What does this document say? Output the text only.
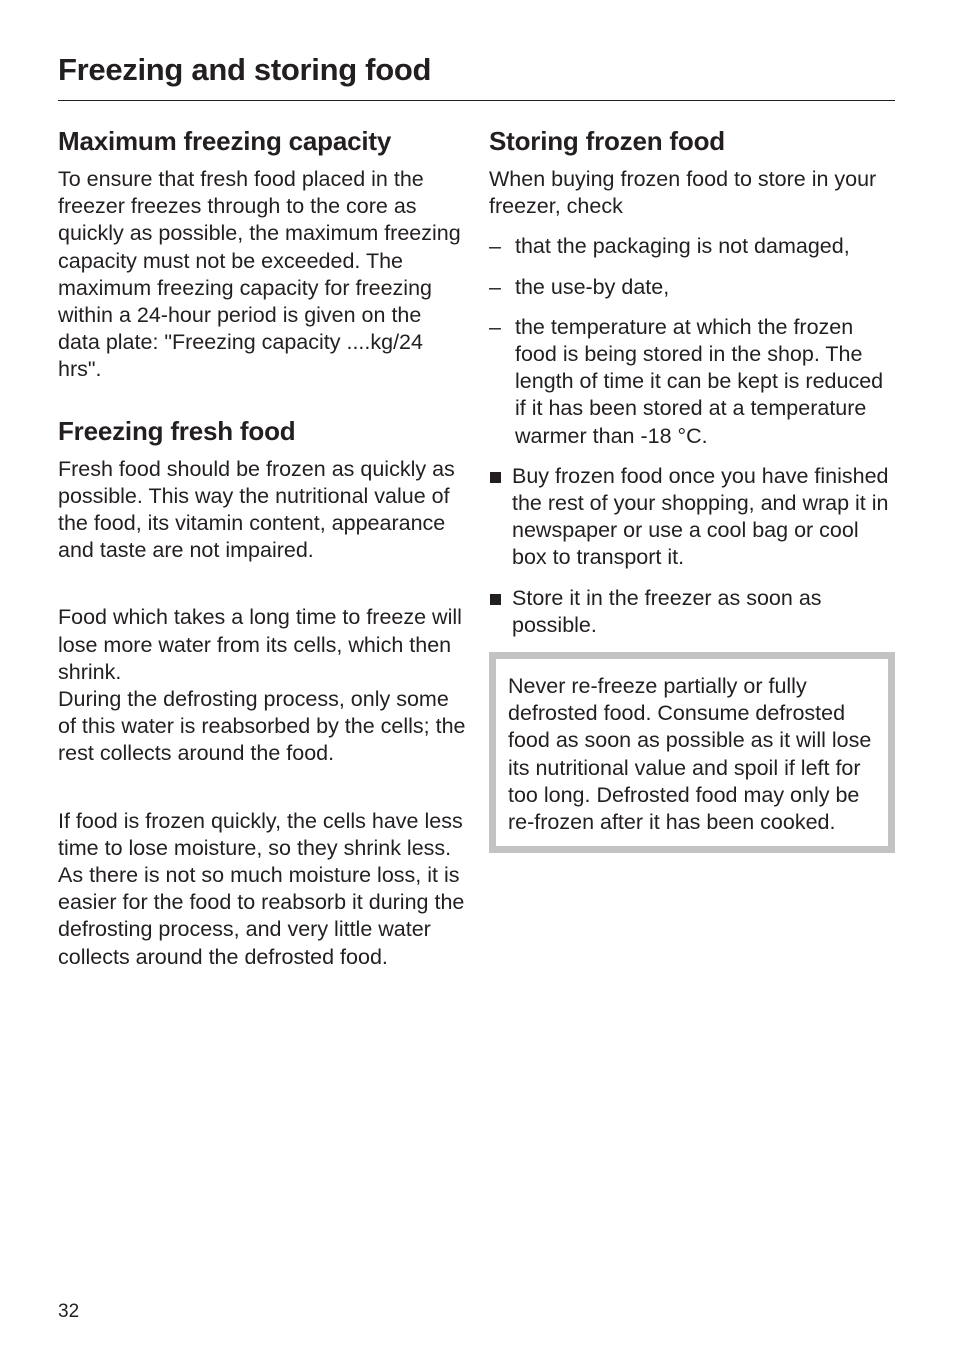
Freezing and storing food
Maximum freezing capacity

To ensure that fresh food placed in the freezer freezes through to the core as quickly as possible, the maximum freezing capacity must not be exceeded. The maximum freezing capacity for freezing within a 24-hour period is given on the data plate: "Freezing capacity ....kg/24 hrs".

Freezing fresh food

Fresh food should be frozen as quickly as possible. This way the nutritional value of the food, its vitamin content, appearance and taste are not impaired.

Food which takes a long time to freeze will lose more water from its cells, which then shrink.

During the defrosting process, only some of this water is reabsorbed by the cells; the rest collects around the food.

If food is frozen quickly, the cells have less time to lose moisture, so they shrink less. As there is not so much moisture loss, it is easier for the food to reabsorb it during the defrosting process, and very little water collects around the defrosted food.

Storing frozen food

When buying frozen food to store in your freezer, check

– that the packaging is not damaged,
– the use-by date,
– the temperature at which the frozen food is being stored in the shop. The length of time it can be kept is reduced if it has been stored at a temperature warmer than -18 °C.
Buy frozen food once you have finished the rest of your shopping, and wrap it in newspaper or use a cool bag or cool box to transport it.
Store it in the freezer as soon as possible.

Never re-freeze partially or fully defrosted food. Consume defrosted food as soon as possible as it will lose its nutritional value and spoil if left for too long. Defrosted food may only be re-frozen after it has been cooked.

32
